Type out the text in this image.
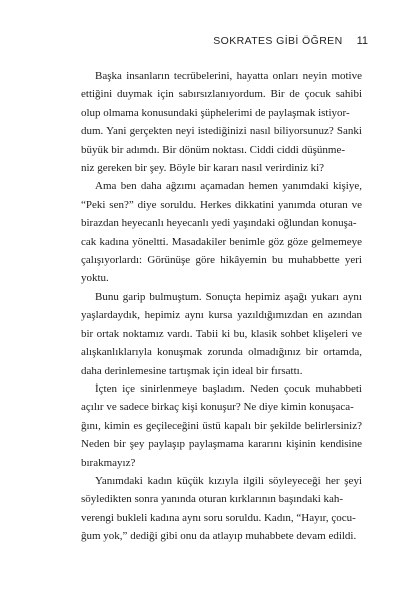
SOKRATES GİBİ ÖĞREN 11

Başka insanların tecrübelerini, hayatta onları neyin motive ettiğini duymak için sabırsızlanıyordum. Bir de çocuk sahibi olup olmama konusundaki şüphelerimi de paylaşmak istiyor-
dum. Yani gerçekten neyi istediğinizi nasıl biliyorsunuz? Sanki büyük bir adımdı. Bir dönüm noktası. Ciddi ciddi düşünme-
niz gereken bir şey. Böyle bir kararı nasıl verirdiniz ki?

Ama ben daha ağzımı açamadan hemen yanımdaki kişiye, “Peki sen?” diye soruldu. Herkes dikkatini yanımda oturan ve birazdan heyecanlı heyecanlı yedi yaşındaki oğlundan konuşa-
cak kadına yöneltti. Masadakiler benimle göz göze gelmemeye çalışıyorlardı: Görünüşe göre hikâyemin bu muhabbette yeri yoktu.

Bunu garip bulmuştum. Sonuçta hepimiz aşağı yukarı aynı yaşlardaydık, hepimiz aynı kursa yazıldığımızdan en azından bir ortak noktamız vardı. Tabii ki bu, klasik sohbet klişeleri ve alışkanlıklarıyla konuşmak zorunda olmadığınız bir ortamda, daha derinlemesine tartışmak için ideal bir fırsattı.

İçten içe sinirlenmeye başladım. Neden çocuk muhabbeti açılır ve sadece birkaç kişi konuşur? Ne diye kimin konuşaca-
ğını, kimin es geçileceğini üstü kapalı bir şekilde belirlersiniz? Neden bir şey paylaşıp paylaşmama kararını kişinin kendisine bırakmayız?

Yanımdaki kadın küçük kızıyla ilgili söyleyeceği her şeyi söyledikten sonra yanında oturan kırklarının başındaki kah-
verengi bukleli kadına aynı soru soruldu. Kadın, “Hayır, çocu-
ğum yok,” dediği gibi onu da atlayıp muhabbete devam edildi.
